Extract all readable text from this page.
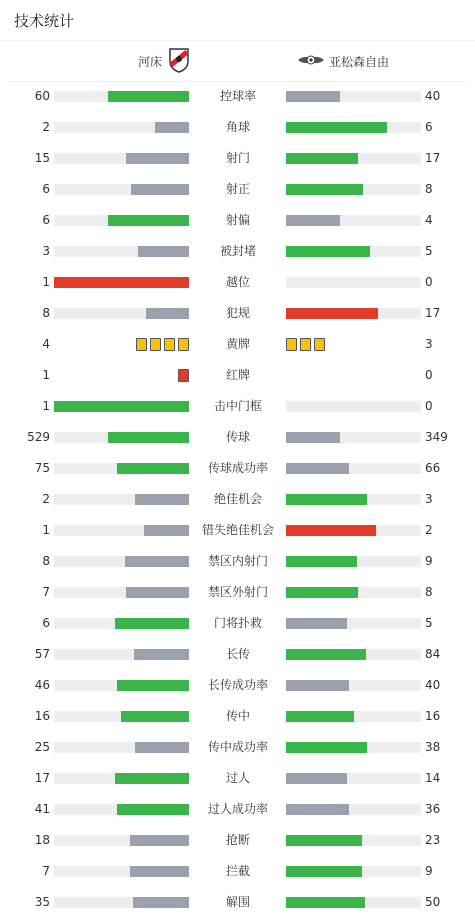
技术统计
河床	亚松森自由
60	控球率	40
2	角球	6
15	射门	17
6	射正	8
6	射偏	4
3	被封堵	5
1	越位	0
8	犯规	17
4	黄牌	3
1	红牌	0
1	击中门框	0
529	传球	349
75	传球成功率	66
2	绝佳机会	3
1	错失绝佳机会	2
8	禁区内射门	9
7	禁区外射门	8
6	门将扑救	5
57	长传	84
46	长传成功率	40
16	传中	16
25	传中成功率	38
17	过人	14
41	过人成功率	36
18	抢断	23
7	拦截	9
35	解围	50
